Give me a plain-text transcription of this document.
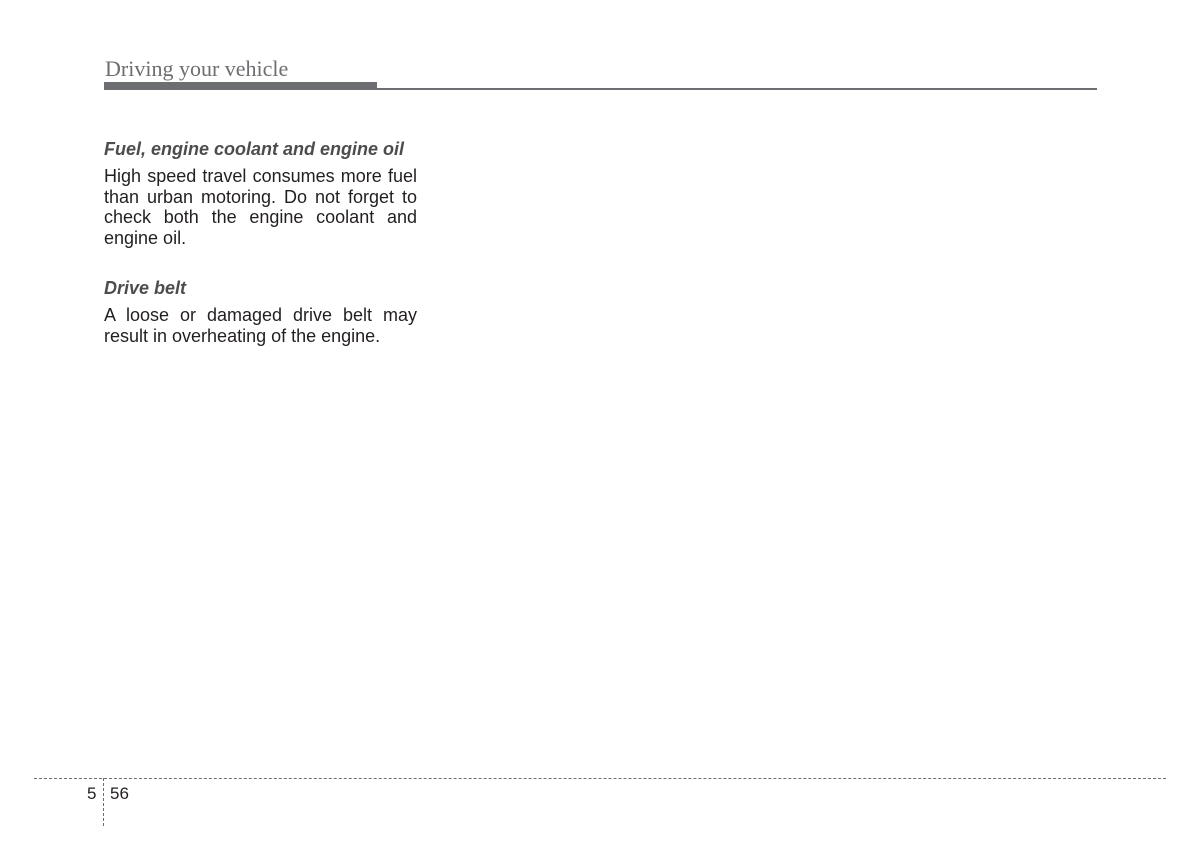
Driving your vehicle

Fuel, engine coolant and engine oil

High speed travel consumes more fuel than urban motoring. Do not forget to check both the engine coolant and engine oil.

Drive belt

A loose or damaged drive belt may result in overheating of the engine.

5 56
